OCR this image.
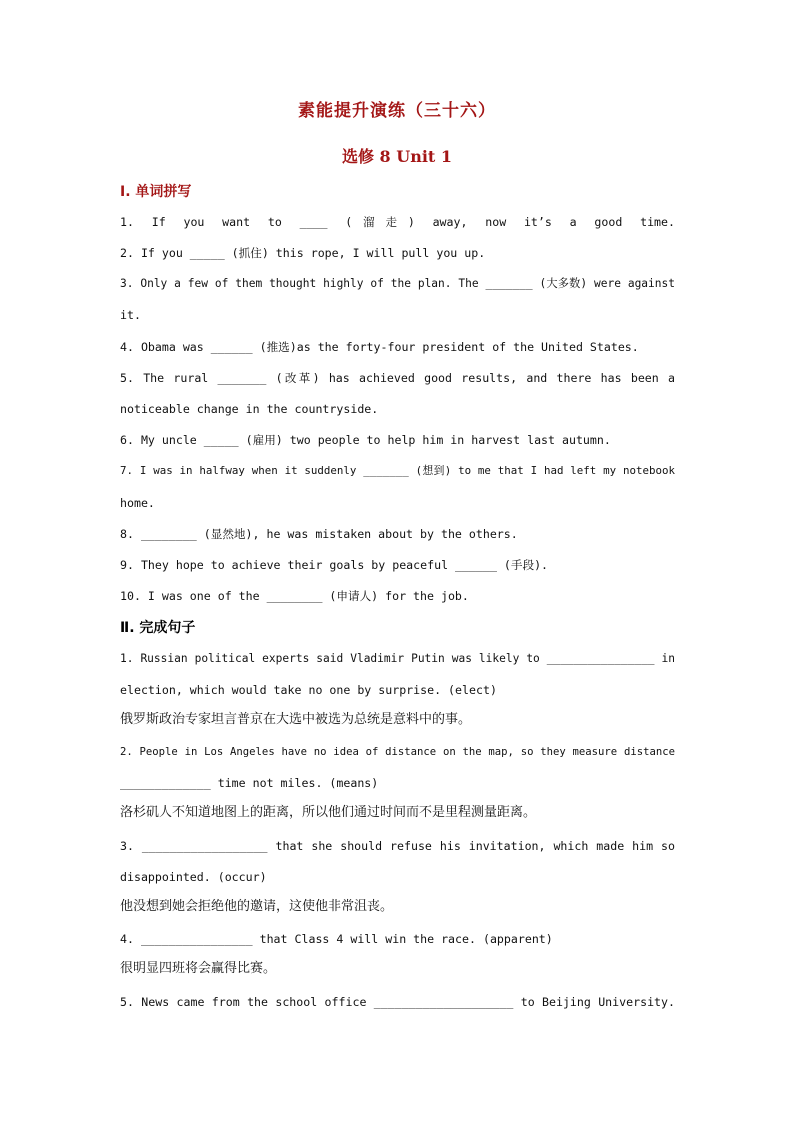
素能提升演练（三十六）
选修 8 Unit 1
Ⅰ. 单词拼写
1. If you want to ____ (溜走) away, now it’s a good time.
2. If you _____ (抓住) this rope, I will pull you up.
3. Only a few of them thought highly of the plan. The _______ (大多数) were against
it.
4. Obama was ______ (推选)as the forty-four president of the United States.
5. The rural _______ (改革) has achieved good results, and there has been a
noticeable change in the countryside.
6. My uncle _____ (雇用) two people to help him in harvest last autumn.
7. I was in halfway when it suddenly _______ (想到) to me that I had left my notebook
home.
8. ________ (显然地), he was mistaken about by the others.
9. They hope to achieve their goals by peaceful ______ (手段).
10. I was one of the ________ (申请人) for the job.
Ⅱ. 完成句子
1. Russian political experts said Vladimir Putin was likely to ________________ in
election, which would take no one by surprise. (elect)
俄罗斯政治专家坦言普京在大选中被选为总统是意料中的事。
2. People in Los Angeles have no idea of distance on the map, so they measure distance
_____________ time not miles. (means)
洛杉矶人不知道地图上的距离，所以他们通过时间而不是里程测量距离。
3. __________________ that she should refuse his invitation, which made him so
disappointed. (occur)
他没想到她会拒绝他的邀请，这使他非常沮丧。
4. ________________ that Class 4 will win the race. (apparent)
很明显四班将会赢得比赛。
5. News came from the school office ____________________ to Beijing University.
